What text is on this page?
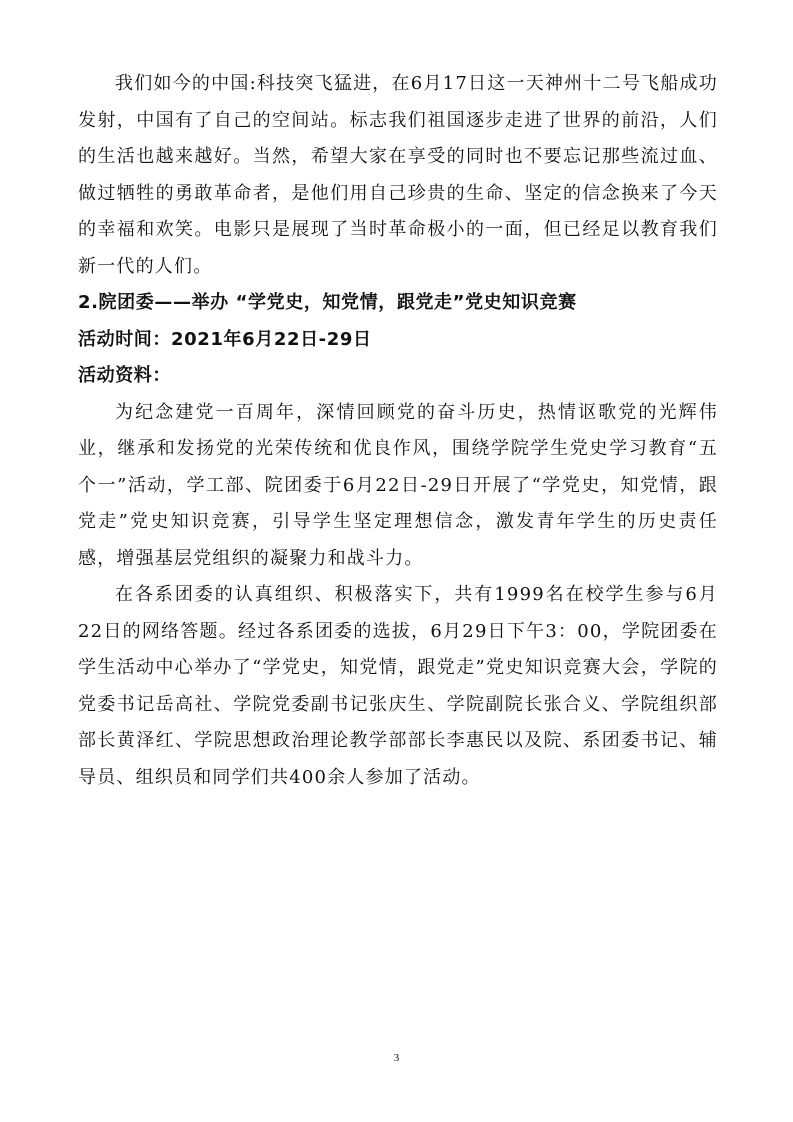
我们如今的中国:科技突飞猛进，在6月17日这一天神州十二号飞船成功发射，中国有了自己的空间站。标志我们祖国逐步走进了世界的前沿，人们的生活也越来越好。当然，希望大家在享受的同时也不要忘记那些流过血、做过牺牲的勇敢革命者，是他们用自己珍贵的生命、坚定的信念换来了今天的幸福和欢笑。电影只是展现了当时革命极小的一面，但已经足以教育我们新一代的人们。

2.院团委——举办 “学党史，知党情，跟党走”党史知识竞赛

活动时间：2021年6月22日-29日

活动资料：

为纪念建党一百周年，深情回顾党的奋斗历史，热情讴歌党的光辉伟业，继承和发扬党的光荣传统和优良作风，围绕学院学生党史学习教育“五个一”活动，学工部、院团委于6月22日-29日开展了“学党史，知党情，跟党走”党史知识竞赛，引导学生坚定理想信念，激发青年学生的历史责任感，增强基层党组织的凝聚力和战斗力。

在各系团委的认真组织、积极落实下，共有1999名在校学生参与6月22日的网络答题。经过各系团委的选拔，6月29日下午3：00，学院团委在学生活动中心举办了“学党史，知党情，跟党走”党史知识竞赛大会，学院的党委书记岳高社、学院党委副书记张庆生、学院副院长张合义、学院组织部部长黄泽红、学院思想政治理论教学部部长李惠民以及院、系团委书记、辅导员、组织员和同学们共400余人参加了活动。

3
